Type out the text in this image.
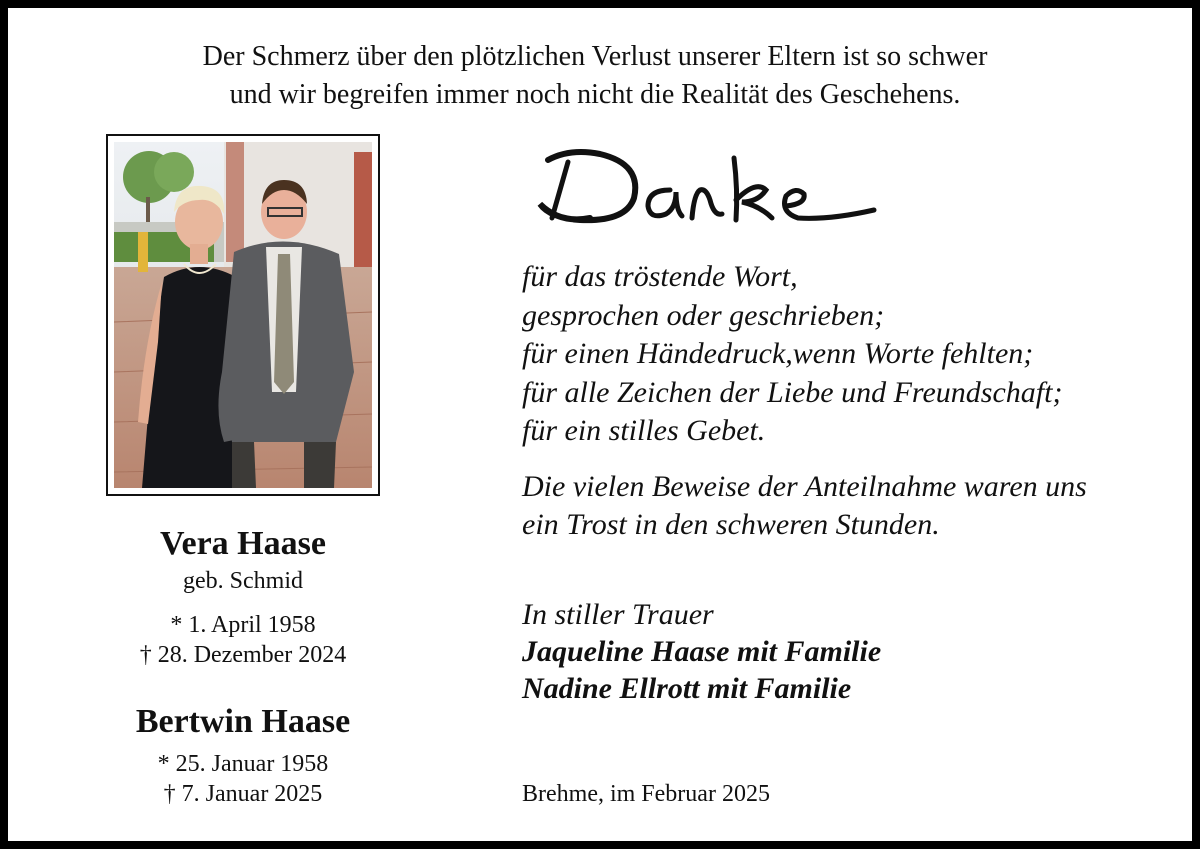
Der Schmerz über den plötzlichen Verlust unserer Eltern ist so schwer
und wir begreifen immer noch nicht die Realität des Geschehens.
Vera Haase
geb. Schmid
* 1. April 1958
† 28. Dezember 2024
Bertwin Haase
* 25. Januar 1958
† 7. Januar 2025
Danke
für das tröstende Wort,
gesprochen oder geschrieben;
für einen Händedruck,wenn Worte fehlten;
für alle Zeichen der Liebe und Freundschaft;
für ein stilles Gebet.
Die vielen Beweise der Anteilnahme waren uns
ein Trost in den schweren Stunden.
In stiller Trauer
Jaqueline Haase mit Familie
Nadine Ellrott mit Familie
Brehme, im Februar 2025
